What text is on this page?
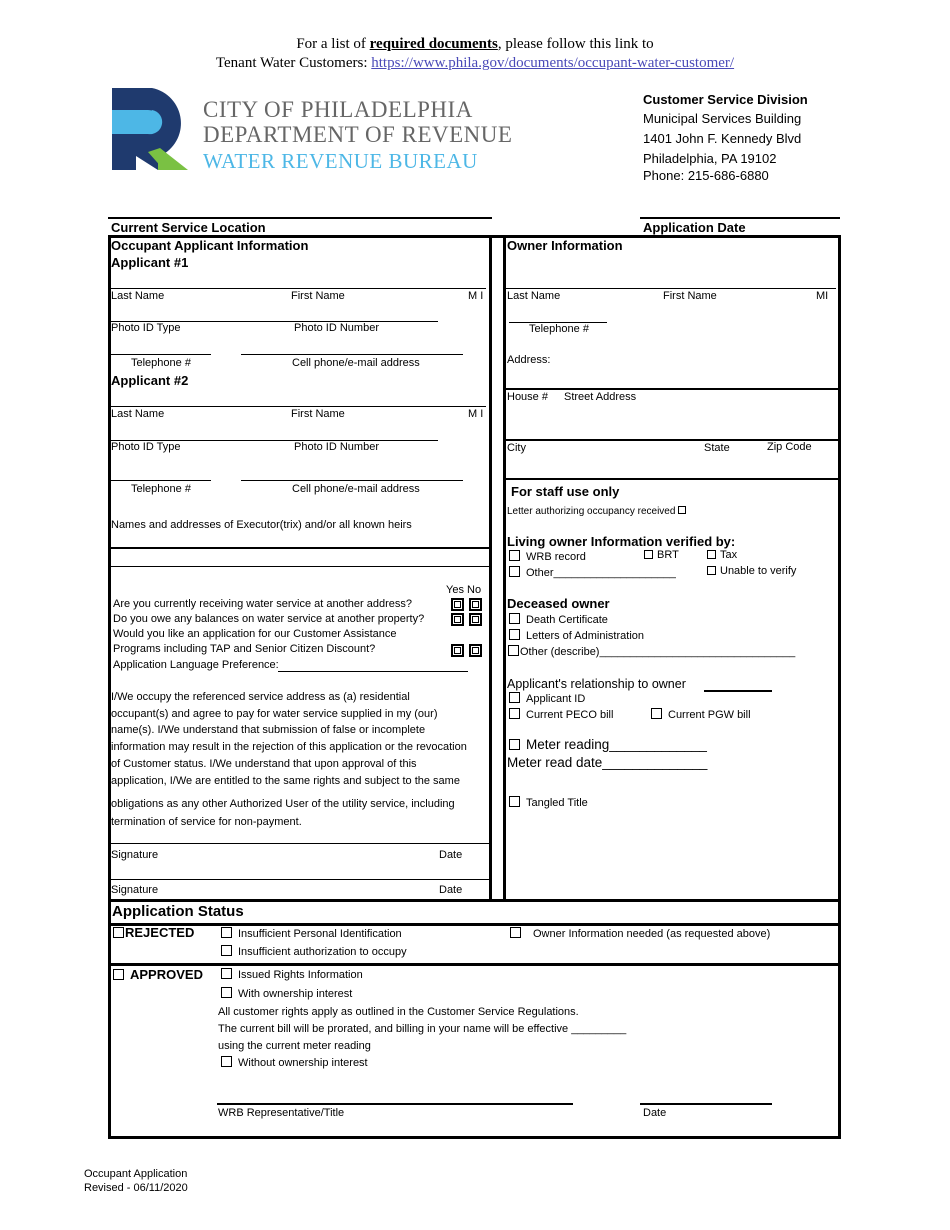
For a list of required documents, please follow this link to
Tenant Water Customers: https://www.phila.gov/documents/occupant-water-customer/
CITY OF PHILADELPHIA
DEPARTMENT OF REVENUE
WATER REVENUE BUREAU
Customer Service Division
Municipal Services Building
1401 John F. Kennedy Blvd
Philadelphia, PA 19102
Phone: 215-686-6880
Current Service Location	Application Date
Occupant Applicant Information
Applicant #1
Last Name	First Name	M I
Photo ID Type	Photo ID Number
Telephone #	Cell phone/e-mail address
Applicant #2
Last Name	First Name	M I
Photo ID Type	Photo ID Number
Telephone #	Cell phone/e-mail address
Names and addresses of Executor(trix) and/or all known heirs
Yes No
Are you currently receiving water service at another address?
Do you owe any balances on water service at another property?
Would you like an application for our Customer Assistance
Programs including TAP and Senior Citizen Discount?
Application Language Preference:
I/We occupy the referenced service address as (a) residential
occupant(s) and agree to pay for water service supplied in my (our)
name(s). I/We understand that submission of false or incomplete
information may result in the rejection of this application or the revocation
of Customer status. I/We understand that upon approval of this
application, I/We are entitled to the same rights and subject to the same
obligations as any other Authorized User of the utility service, including
termination of service for non-payment.
Signature	Date
Signature	Date
Owner Information
Last Name	First Name	MI
Telephone #
Address:
House # Street Address
City	State	Zip Code
For staff use only
Letter authorizing occupancy received
Living owner Information verified by:
WRB record	BRT	Tax
Other____________________	Unable to verify
Deceased owner
Death Certificate
Letters of Administration
Other (describe)________________________________
Applicant's relationship to owner
Applicant ID
Current PECO bill	Current PGW bill
Meter reading_____________
Meter read date______________
Tangled Title
Application Status
REJECTED	Insufficient Personal Identification
Insufficient authorization to occupy
Owner Information needed (as requested above)
APPROVED	Issued Rights Information
With ownership interest
All customer rights apply as outlined in the Customer Service Regulations.
The current bill will be prorated, and billing in your name will be effective _________
using the current meter reading
Without ownership interest
WRB Representative/Title	Date
Occupant Application
Revised - 06/11/2020
